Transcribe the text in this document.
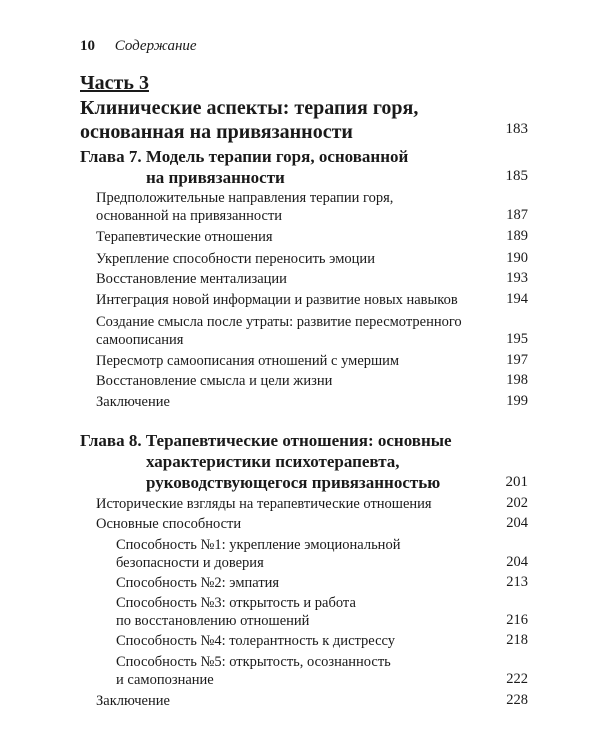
10 Содержание
Часть 3
Клинические аспекты: терапия горя,
основанная на привязанности	183
Глава 7. Модель терапии горя, основанной
на привязанности	185
Предположительные направления терапии горя,
основанной на привязанности	187
Терапевтические отношения	189
Укрепление способности переносить эмоции	190
Восстановление ментализации	193
Интеграция новой информации и развитие новых навыков	194
Создание смысла после утраты: развитие пересмотренного
самоописания	195
Пересмотр самоописания отношений с умершим	197
Восстановление смысла и цели жизни	198
Заключение	199
Глава 8. Терапевтические отношения: основные
характеристики психотерапевта,
руководствующегося привязанностью	201
Исторические взгляды на терапевтические отношения	202
Основные способности	204
Способность №1: укрепление эмоциональной
безопасности и доверия	204
Способность №2: эмпатия	213
Способность №3: открытость и работа
по восстановлению отношений	216
Способность №4: толерантность к дистрессу	218
Способность №5: открытость, осознанность
и самопознание	222
Заключение	228
